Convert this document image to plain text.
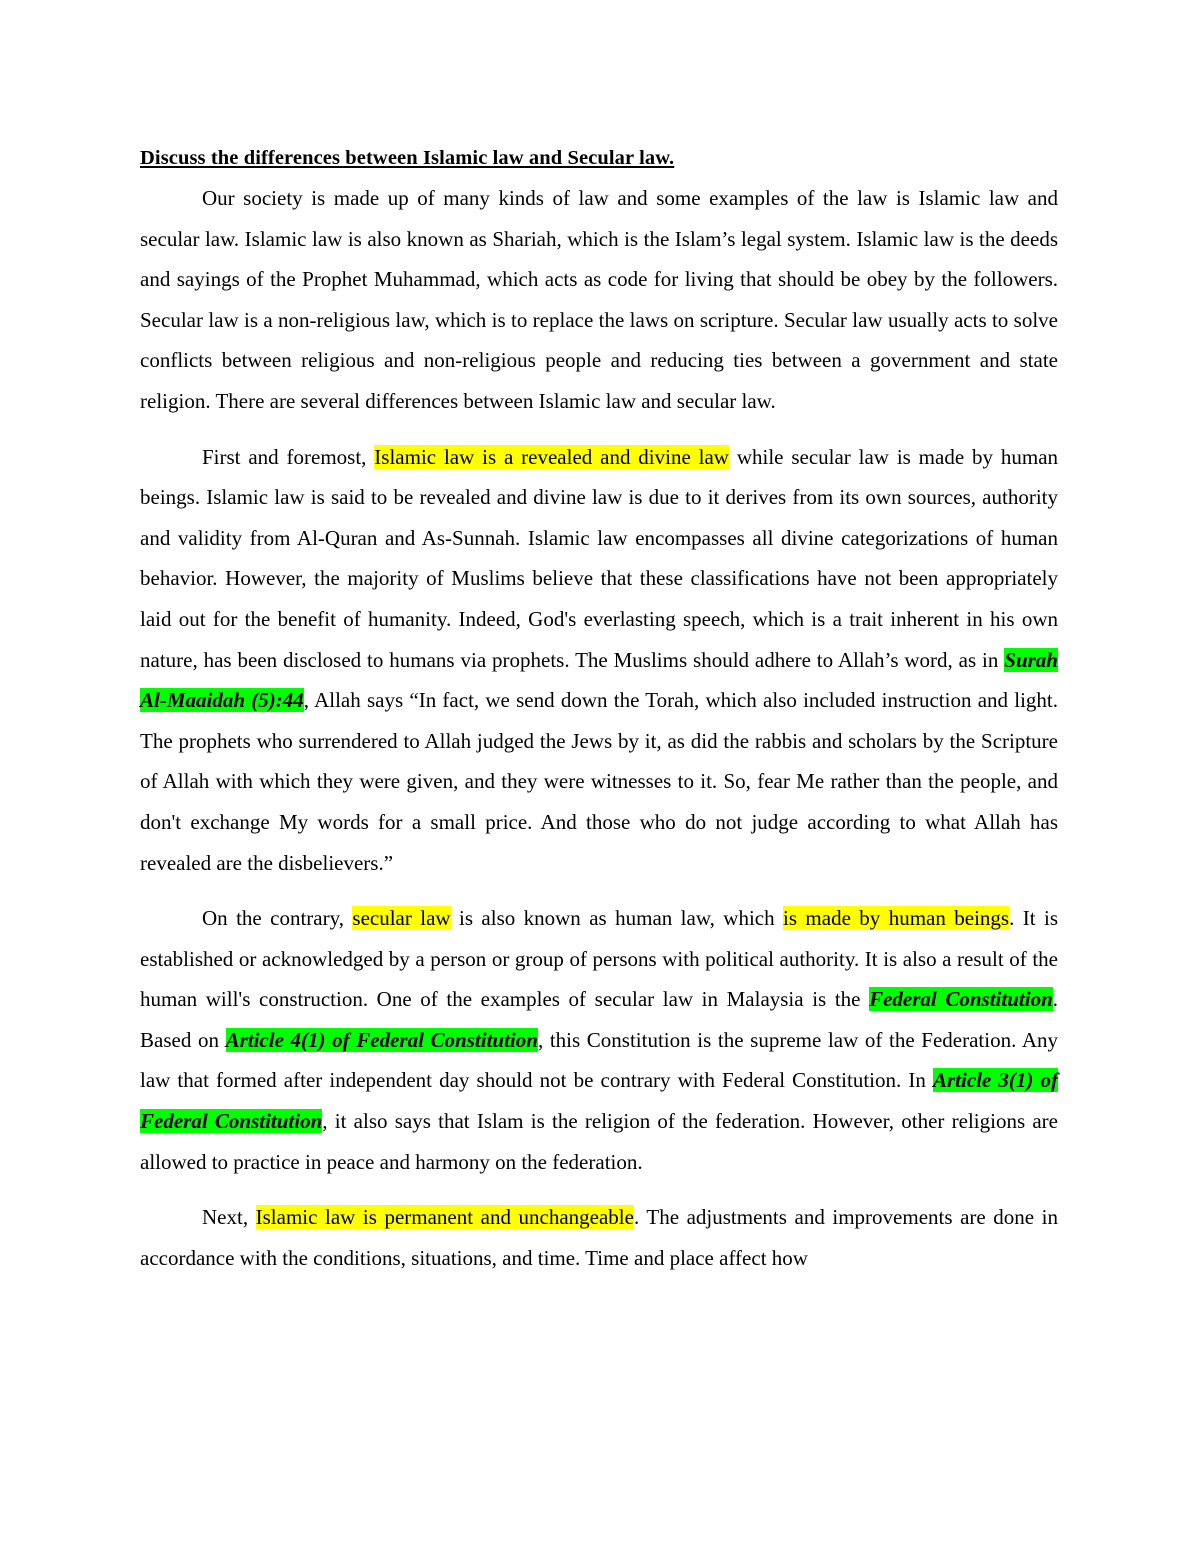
Discuss the differences between Islamic law and Secular law.

Our society is made up of many kinds of law and some examples of the law is Islamic law and secular law. Islamic law is also known as Shariah, which is the Islam’s legal system. Islamic law is the deeds and sayings of the Prophet Muhammad, which acts as code for living that should be obey by the followers. Secular law is a non-religious law, which is to replace the laws on scripture. Secular law usually acts to solve conflicts between religious and non-religious people and reducing ties between a government and state religion. There are several differences between Islamic law and secular law.

First and foremost, Islamic law is a revealed and divine law while secular law is made by human beings. Islamic law is said to be revealed and divine law is due to it derives from its own sources, authority and validity from Al-Quran and As-Sunnah. Islamic law encompasses all divine categorizations of human behavior. However, the majority of Muslims believe that these classifications have not been appropriately laid out for the benefit of humanity. Indeed, God's everlasting speech, which is a trait inherent in his own nature, has been disclosed to humans via prophets. The Muslims should adhere to Allah’s word, as in Surah Al-Maaidah (5):44, Allah says “In fact, we send down the Torah, which also included instruction and light. The prophets who surrendered to Allah judged the Jews by it, as did the rabbis and scholars by the Scripture of Allah with which they were given, and they were witnesses to it. So, fear Me rather than the people, and don't exchange My words for a small price. And those who do not judge according to what Allah has revealed are the disbelievers.”

On the contrary, secular law is also known as human law, which is made by human beings. It is established or acknowledged by a person or group of persons with political authority. It is also a result of the human will's construction. One of the examples of secular law in Malaysia is the Federal Constitution. Based on Article 4(1) of Federal Constitution, this Constitution is the supreme law of the Federation. Any law that formed after independent day should not be contrary with Federal Constitution. In Article 3(1) of Federal Constitution, it also says that Islam is the religion of the federation. However, other religions are allowed to practice in peace and harmony on the federation.

Next, Islamic law is permanent and unchangeable. The adjustments and improvements are done in accordance with the conditions, situations, and time. Time and place affect how
